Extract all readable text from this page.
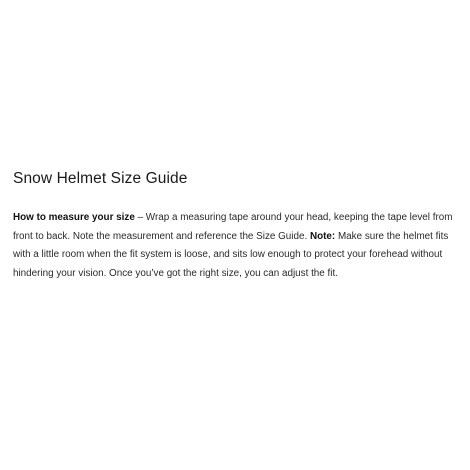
Snow Helmet Size Guide

How to measure your size – Wrap a measuring tape around your head, keeping the tape level from front to back. Note the measurement and reference the Size Guide. Note: Make sure the helmet fits with a little room when the fit system is loose, and sits low enough to protect your forehead without hindering your vision. Once you’ve got the right size, you can adjust the fit.
